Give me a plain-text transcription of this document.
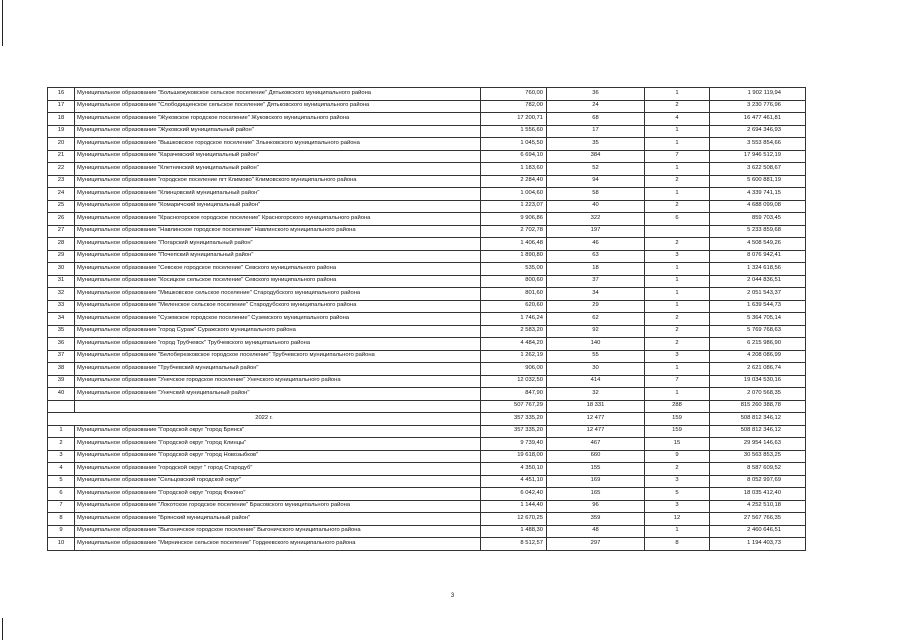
16	Муниципальное образование "Большежуковское сельское поселение" Дятьковского муниципального района	760,00	36	1	1 902 119,94
17	Муниципальное образование "Слободищенское сельское поселение" Дятьковского муниципального района	782,00	24	2	3 230 776,96
18	Муниципальное образование "Жуковское городское поселение" Жуковского муниципального района	17 200,71	68	4	16 477 461,81
19	Муниципальное образование "Жуковский муниципальный район"	1 556,60	17	1	2 694 346,93
20	Муниципальное образование "Вышковское городское поселение" Злынковского муниципального района	1 045,50	35	1	3 553 854,66
21	Муниципальное образование "Карачевский муниципальный район"	6 694,10	384	7	17 946 512,19
22	Муниципальное образование "Клетнянский муниципальный район"	1 183,60	52	1	3 622 508,67
23	Муниципальное образование "городское поселение пгт Климово" Климовского муниципального района	2 284,40	94	2	5 600 881,19
24	Муниципальное образование "Клинцовский муниципальный район"	1 004,60	58	1	4 339 741,15
25	Муниципальное образование "Комаричский муниципальный район"	1 223,07	40	2	4 688 099,08
26	Муниципальное образование "Красногорское городское поселение" Красногорского муниципального района	9 906,86	322	6	859 703,45
27	Муниципальное образование "Навлинское городское поселение" Навлинского муниципального района	2 702,78	197		5 233 859,68
28	Муниципальное образование "Погарский муниципальный район"	1 406,48	46	2	4 508 549,26
29	Муниципальное образование "Почепский муниципальный район"	1 890,80	63	3	8 076 942,41
30	Муниципальное образование "Севское городское поселение" Севского муниципального района	535,00	18	1	1 324 618,56
31	Муниципальное образование "Косицкое сельское поселение" Севского муниципального района	800,60	37	1	2 044 836,51
32	Муниципальное образование "Мишковское сельское поселение" Стародубского муниципального района	801,60	34	1	2 051 543,37
33	Муниципальное образование "Меленское сельское поселение" Стародубского муниципального района	620,60	29	1	1 639 544,73
34	Муниципальное образование "Суземское городское поселение" Суземского муниципального района	1 746,24	62	2	5 364 705,14
35	Муниципальное образование "город Сураж" Суражского муниципального района	2 583,20	92	2	5 769 768,63
36	Муниципальное образование "город Трубчевск" Трубчевского муниципального района	4 484,20	140	2	6 215 986,90
37	Муниципальное образование "Белоберезковское городское поселение" Трубчевского муниципального района	1 262,19	55	3	4 208 086,99
38	Муниципальное образование "Трубчевский муниципальный район"	906,00	30	1	2 621 086,74
39	Муниципальное образование "Унечское городское поселение" Унечского муниципального района	12 032,50	414	7	19 034 530,16
40	Муниципальное образование "Унечский муниципальный район"	847,90	32	1	2 070 568,35
		507 767,29	18 331	288	815 260 388,78
2022 г.		357 335,20	12 477	159	508 812 346,12
1	Муниципальное образование "Городской округ "город Брянск"	357 335,20	12 477	159	508 812 346,12
2	Муниципальное образование "Городской округ "город Клинцы"	9 739,40	467	15	29 954 146,63
3	Муниципальное образование "Городской округ "город Новозыбков"	19 618,00	660	9	30 563 853,25
4	Муниципальное образование "городской округ " город Стародуб"	4 350,10	155	2	8 587 609,52
5	Муниципальное образование "Сельцовский городской округ"	4 451,10	169	3	8 052 997,69
6	Муниципальное образование "Городской округ "город Фокино"	6 042,40	165	5	18 035 412,40
7	Муниципальное образование "Локотское городское поселение" Брасовского муниципального района	1 144,40	96	3	4 252 510,18
8	Муниципальное образование "Брянский муниципальный район"	12 670,25	359	12	27 567 766,35
9	Муниципальное образование "Выгоничское городское поселение" Выгоничского муниципального района	1 488,30	48	1	2 460 646,51
10	Муниципальное образование "Мирнинское сельское поселение" Гордеевского муниципального района	8 512,57	297	8	1 194 403,73
3
